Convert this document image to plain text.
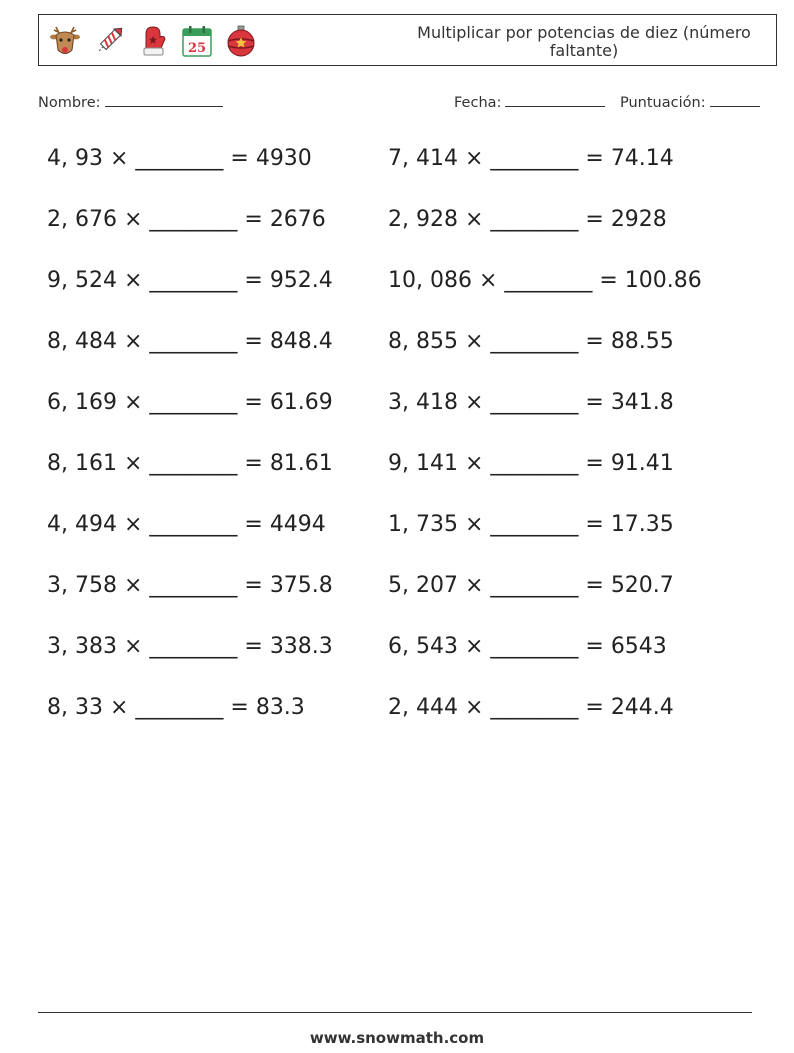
25
Multiplicar por potencias de diez (número faltante)
Nombre:	Fecha:	Puntuación:
4, 93 × ________ = 4930	7, 414 × ________ = 74.14
2, 676 × ________ = 2676	2, 928 × ________ = 2928
9, 524 × ________ = 952.4	10, 086 × ________ = 100.86
8, 484 × ________ = 848.4	8, 855 × ________ = 88.55
6, 169 × ________ = 61.69	3, 418 × ________ = 341.8
8, 161 × ________ = 81.61	9, 141 × ________ = 91.41
4, 494 × ________ = 4494	1, 735 × ________ = 17.35
3, 758 × ________ = 375.8	5, 207 × ________ = 520.7
3, 383 × ________ = 338.3	6, 543 × ________ = 6543
8, 33 × ________ = 83.3	2, 444 × ________ = 244.4
www.snowmath.com
